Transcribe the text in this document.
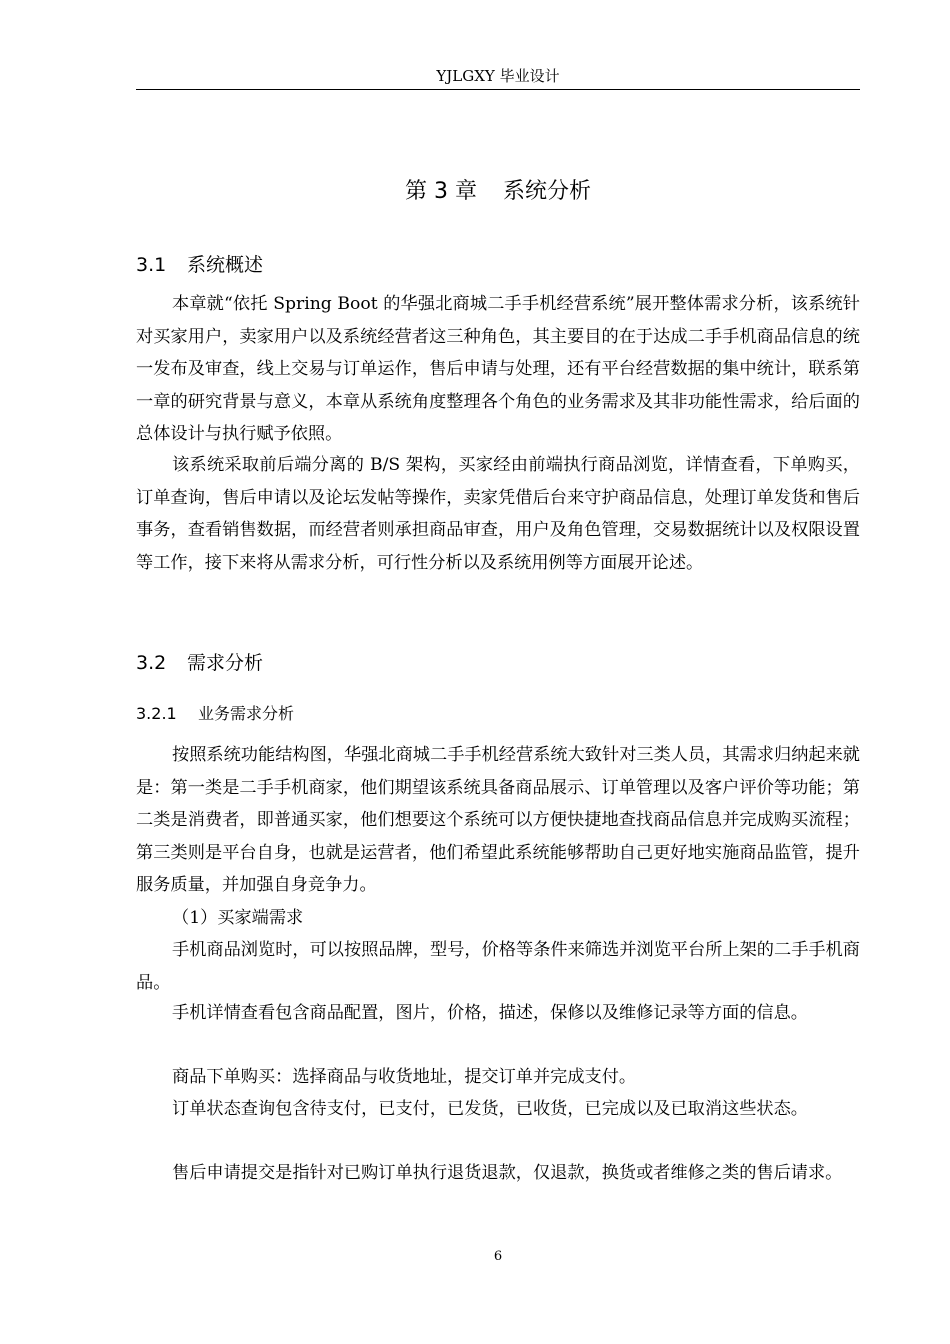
YJLGXY 毕业设计
第 3 章 系统分析
3.1 系统概述

本章就“依托 Spring Boot 的华强北商城二手手机经营系统”展开整体需求分析，该系统针对买家用户，卖家用户以及系统经营者这三种角色，其主要目的在于达成二手手机商品信息的统一发布及审查，线上交易与订单运作，售后申请与处理，还有平台经营数据的集中统计，联系第一章的研究背景与意义，本章从系统角度整理各个角色的业务需求及其非功能性需求，给后面的总体设计与执行赋予依照。

该系统采取前后端分离的 B/S 架构，买家经由前端执行商品浏览，详情查看，下单购买，订单查询，售后申请以及论坛发帖等操作，卖家凭借后台来守护商品信息，处理订单发货和售后事务，查看销售数据，而经营者则承担商品审查，用户及角色管理，交易数据统计以及权限设置等工作，接下来将从需求分析，可行性分析以及系统用例等方面展开论述。

3.2 需求分析
3.2.1 业务需求分析

按照系统功能结构图，华强北商城二手手机经营系统大致针对三类人员，其需求归纳起来就是：第一类是二手手机商家，他们期望该系统具备商品展示、订单管理以及客户评价等功能；第二类是消费者，即普通买家，他们想要这个系统可以方便快捷地查找商品信息并完成购买流程；第三类则是平台自身，也就是运营者，他们希望此系统能够帮助自己更好地实施商品监管，提升服务质量，并加强自身竞争力。

（1）买家端需求

手机商品浏览时，可以按照品牌，型号，价格等条件来筛选并浏览平台所上架的二手手机商品。

手机详情查看包含商品配置，图片，价格，描述，保修以及维修记录等方面的信息。

商品下单购买：选择商品与收货地址，提交订单并完成支付。

订单状态查询包含待支付，已支付，已发货，已收货，已完成以及已取消这些状态。

售后申请提交是指针对已购订单执行退货退款，仅退款，换货或者维修之类的售后请求。

6
